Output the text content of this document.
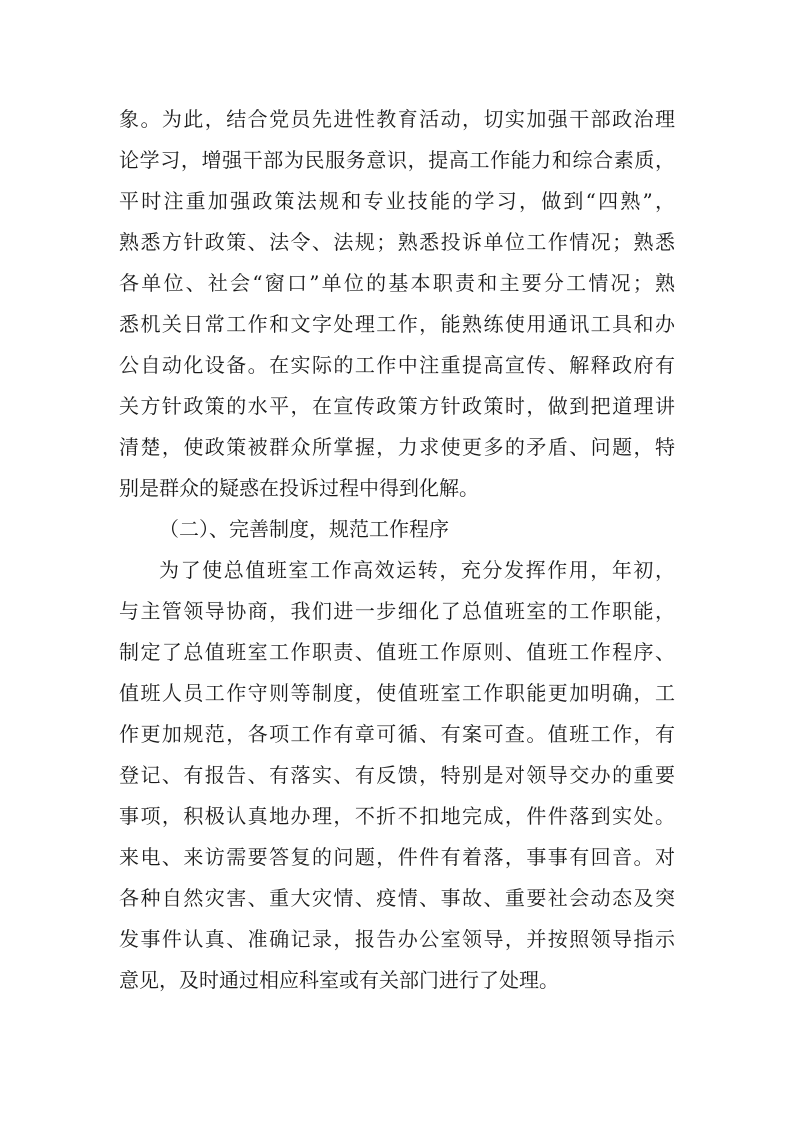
象。为此，结合党员先进性教育活动，切实加强干部政治理
论学习，增强干部为民服务意识，提高工作能力和综合素质，
平时注重加强政策法规和专业技能的学习，做到“四熟”，
熟悉方针政策、法令、法规；熟悉投诉单位工作情况；熟悉
各单位、社会“窗口”单位的基本职责和主要分工情况；熟
悉机关日常工作和文字处理工作，能熟练使用通讯工具和办
公自动化设备。在实际的工作中注重提高宣传、解释政府有
关方针政策的水平，在宣传政策方针政策时，做到把道理讲
清楚，使政策被群众所掌握，力求使更多的矛盾、问题，特
别是群众的疑惑在投诉过程中得到化解。
（二）、完善制度，规范工作程序
为了使总值班室工作高效运转，充分发挥作用，年初，
与主管领导协商，我们进一步细化了总值班室的工作职能，
制定了总值班室工作职责、值班工作原则、值班工作程序、
值班人员工作守则等制度，使值班室工作职能更加明确，工
作更加规范，各项工作有章可循、有案可查。值班工作，有
登记、有报告、有落实、有反馈，特别是对领导交办的重要
事项，积极认真地办理，不折不扣地完成，件件落到实处。
来电、来访需要答复的问题，件件有着落，事事有回音。对
各种自然灾害、重大灾情、疫情、事故、重要社会动态及突
发事件认真、准确记录，报告办公室领导，并按照领导指示
意见，及时通过相应科室或有关部门进行了处理。
